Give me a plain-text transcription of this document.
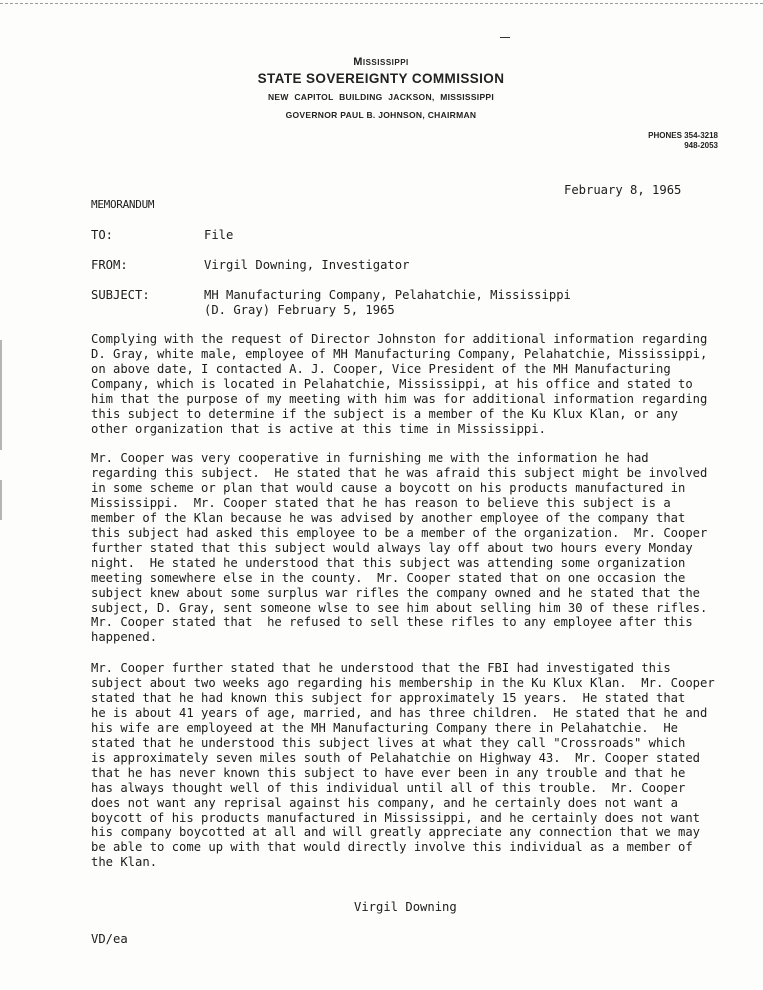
Mississippi
STATE SOVEREIGNTY COMMISSION
NEW CAPITOL BUILDING JACKSON, MISSISSIPPI
GOVERNOR PAUL B. JOHNSON, CHAIRMAN
PHONES 354-3218
948-2053
February 8, 1965
MEMORANDUM
TO:	File
FROM:	Virgil Downing, Investigator
SUBJECT:	MH Manufacturing Company, Pelahatchie, Mississippi
(D. Gray) February 5, 1965
Complying with the request of Director Johnston for additional information regarding
D. Gray, white male, employee of MH Manufacturing Company, Pelahatchie, Mississippi,
on above date, I contacted A. J. Cooper, Vice President of the MH Manufacturing
Company, which is located in Pelahatchie, Mississippi, at his office and stated to
him that the purpose of my meeting with him was for additional information regarding
this subject to determine if the subject is a member of the Ku Klux Klan, or any
other organization that is active at this time in Mississippi.
Mr. Cooper was very cooperative in furnishing me with the information he had
regarding this subject.  He stated that he was afraid this subject might be involved
in some scheme or plan that would cause a boycott on his products manufactured in
Mississippi.  Mr. Cooper stated that he has reason to believe this subject is a
member of the Klan because he was advised by another employee of the company that
this subject had asked this employee to be a member of the organization.  Mr. Cooper
further stated that this subject would always lay off about two hours every Monday
night.  He stated he understood that this subject was attending some organization
meeting somewhere else in the county.  Mr. Cooper stated that on one occasion the
subject knew about some surplus war rifles the company owned and he stated that the
subject, D. Gray, sent someone wlse to see him about selling him 30 of these rifles.
Mr. Cooper stated that  he refused to sell these rifles to any employee after this
happened.
Mr. Cooper further stated that he understood that the FBI had investigated this
subject about two weeks ago regarding his membership in the Ku Klux Klan.  Mr. Cooper
stated that he had known this subject for approximately 15 years.  He stated that
he is about 41 years of age, married, and has three children.  He stated that he and
his wife are employeed at the MH Manufacturing Company there in Pelahatchie.  He
stated that he understood this subject lives at what they call "Crossroads" which
is approximately seven miles south of Pelahatchie on Highway 43.  Mr. Cooper stated
that he has never known this subject to have ever been in any trouble and that he
has always thought well of this individual until all of this trouble.  Mr. Cooper
does not want any reprisal against his company, and he certainly does not want a
boycott of his products manufactured in Mississippi, and he certainly does not want
his company boycotted at all and will greatly appreciate any connection that we may
be able to come up with that would directly involve this individual as a member of
the Klan.
Virgil Downing
VD/ea
